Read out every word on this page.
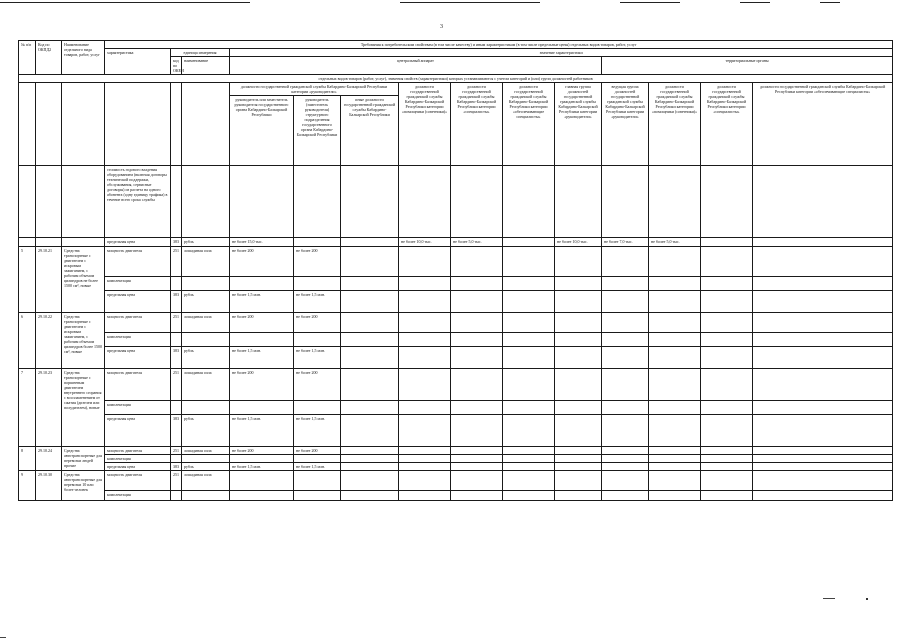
3
№ п/п	Код по ОКПД2	Наименование отдельного вида товаров, работ, услуг	Требования к потребительским свойствам (в том числе качеству) и иным характеристикам (в том числе предельные цены) отдельных видов товаров, работ, услуг													
			характеристика	единица измерения		значение характеристики										
				код по ОКЕИ	наименование	центральный аппарат							территориальные органы			
отдельных видов товаров (работ, услуг), значения свойств (характеристики) которых устанавливаются с учетом категорий и (или) групп должностей работников																
						должности государственной гражданской службы Кабардино-Балкарской Республики категории «руководители»			должности государственной гражданской службы Кабардино-Балкарской Республики категории «помощники (советники)»	должности государственной гражданской службы Кабардино-Балкарской Республики категории «специалисты»	должности государственной гражданской службы Кабардино-Балкарской Республики категории «обеспечивающие специалисты»	главная группа должностей государственной гражданской службы Кабардино-Балкарской Республики категории «руководители»	ведущая группа должностей государственной гражданской службы Кабардино-Балкарской Республики категории «руководители»	должности государственной гражданской службы Кабардино-Балкарской Республики категории «помощники (советники)»	должности государственной гражданской службы Кабардино-Балкарской Республики категории «специалисты»	должности государственной гражданской службы Кабардино-Балкарской Республики категории «обеспечивающие специалисты»
						руководитель или заместитель руководителя государственного органа Кабардино-Балкарской Республики	руководитель (заместитель руководителя) структурного подразделения государственного органа Кабардино-Балкарской Республики	иные должности государственной гражданской службы Кабардино-Балкарской Республики								
			стоимость годового владения оборудованием (включая договоры технической поддержки, обслуживания, сервисные договоры) из расчета на одного абонента (одну единицу трафика) в течение всего срока службы													
			предельная цена	383	рубль	не более 15,0 тыс.			не более 10,0 тыс.	не более 5,0 тыс.		не более 10,0 тыс.	не более 7,0 тыс.	не более 5,0 тыс.		
5	29.10.21	Средства транспортные с двигателем с искровым зажиганием, с рабочим объемом цилиндров не более 1500 см³, новые	мощность двигателя	251	лошадиная сила	не более 200	не более 200									
			комплектация													
			предельная цена	383	рубль	не более 1,5 млн.	не более 1,5 млн.									
6	29.10.22	Средства транспортные с двигателем с искровым зажиганием, с рабочим объемом цилиндров более 1500 см³, новые	мощность двигателя	251	лошадиная сила	не более 200	не более 200									
			комплектация													
			предельная цена	383	рубль	не более 1,5 млн.	не более 1,5 млн.									
7	29.10.23	Средства транспортные с поршневым двигателем внутреннего сгорания с воспламенением от сжатия (дизелем или полудизелем), новые	мощность двигателя	251	лошадиная сила	не более 200	не более 200									
			комплектация													
			предельная цена	383	рубль	не более 1,5 млн.	не более 1,5 млн.									
8	29.10.24	Средства автотранспортные для перевозки людей прочие	мощность двигателя	251	лошадиная сила	не более 200	не более 200									
			комплектация													
			предельная цена	383	рубль	не более 1,5 млн.	не более 1,5 млн.									
9	29.10.30	Средства автотранспортные для перевозки 10 или более человек	мощность двигателя	251	лошадиная сила											
			комплектация													
